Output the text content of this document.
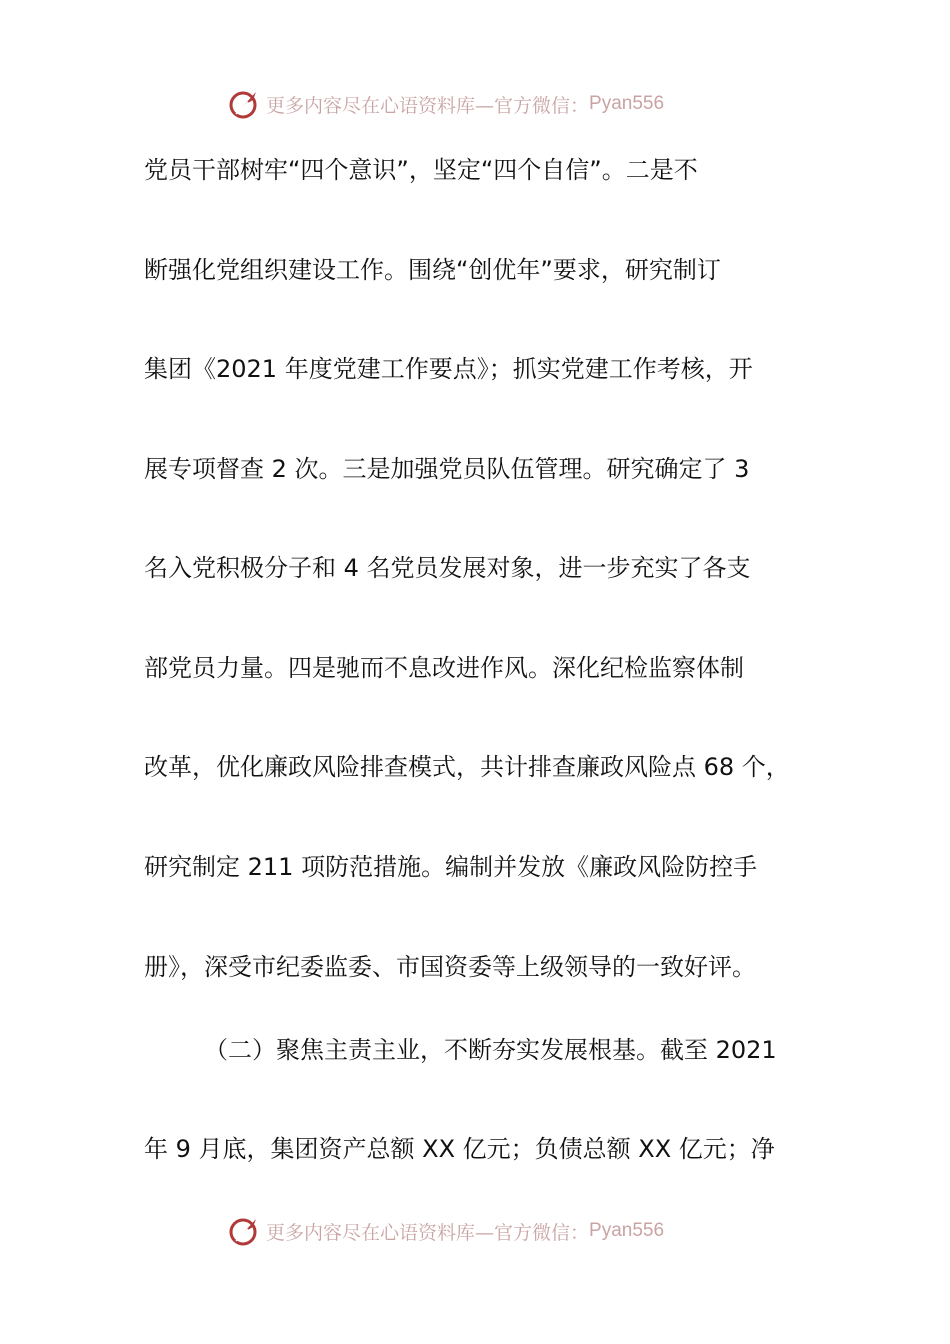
更多内容尽在心语资料库—官方微信： Pyan556
党员干部树牢“四个意识”，坚定“四个自信”。二是不
断强化党组织建设工作。围绕“创优年”要求，研究制订
集团《2021 年度党建工作要点》；抓实党建工作考核，开
展专项督查 2 次。三是加强党员队伍管理。研究确定了 3
名入党积极分子和 4 名党员发展对象，进一步充实了各支
部党员力量。四是驰而不息改进作风。深化纪检监察体制
改革，优化廉政风险排查模式，共计排查廉政风险点 68 个，
研究制定 211 项防范措施。编制并发放《廉政风险防控手
册》，深受市纪委监委、市国资委等上级领导的一致好评。
（二）聚焦主责主业，不断夯实发展根基。截至 2021
年 9 月底，集团资产总额 XX 亿元；负债总额 XX 亿元；净
更多内容尽在心语资料库—官方微信： Pyan556
